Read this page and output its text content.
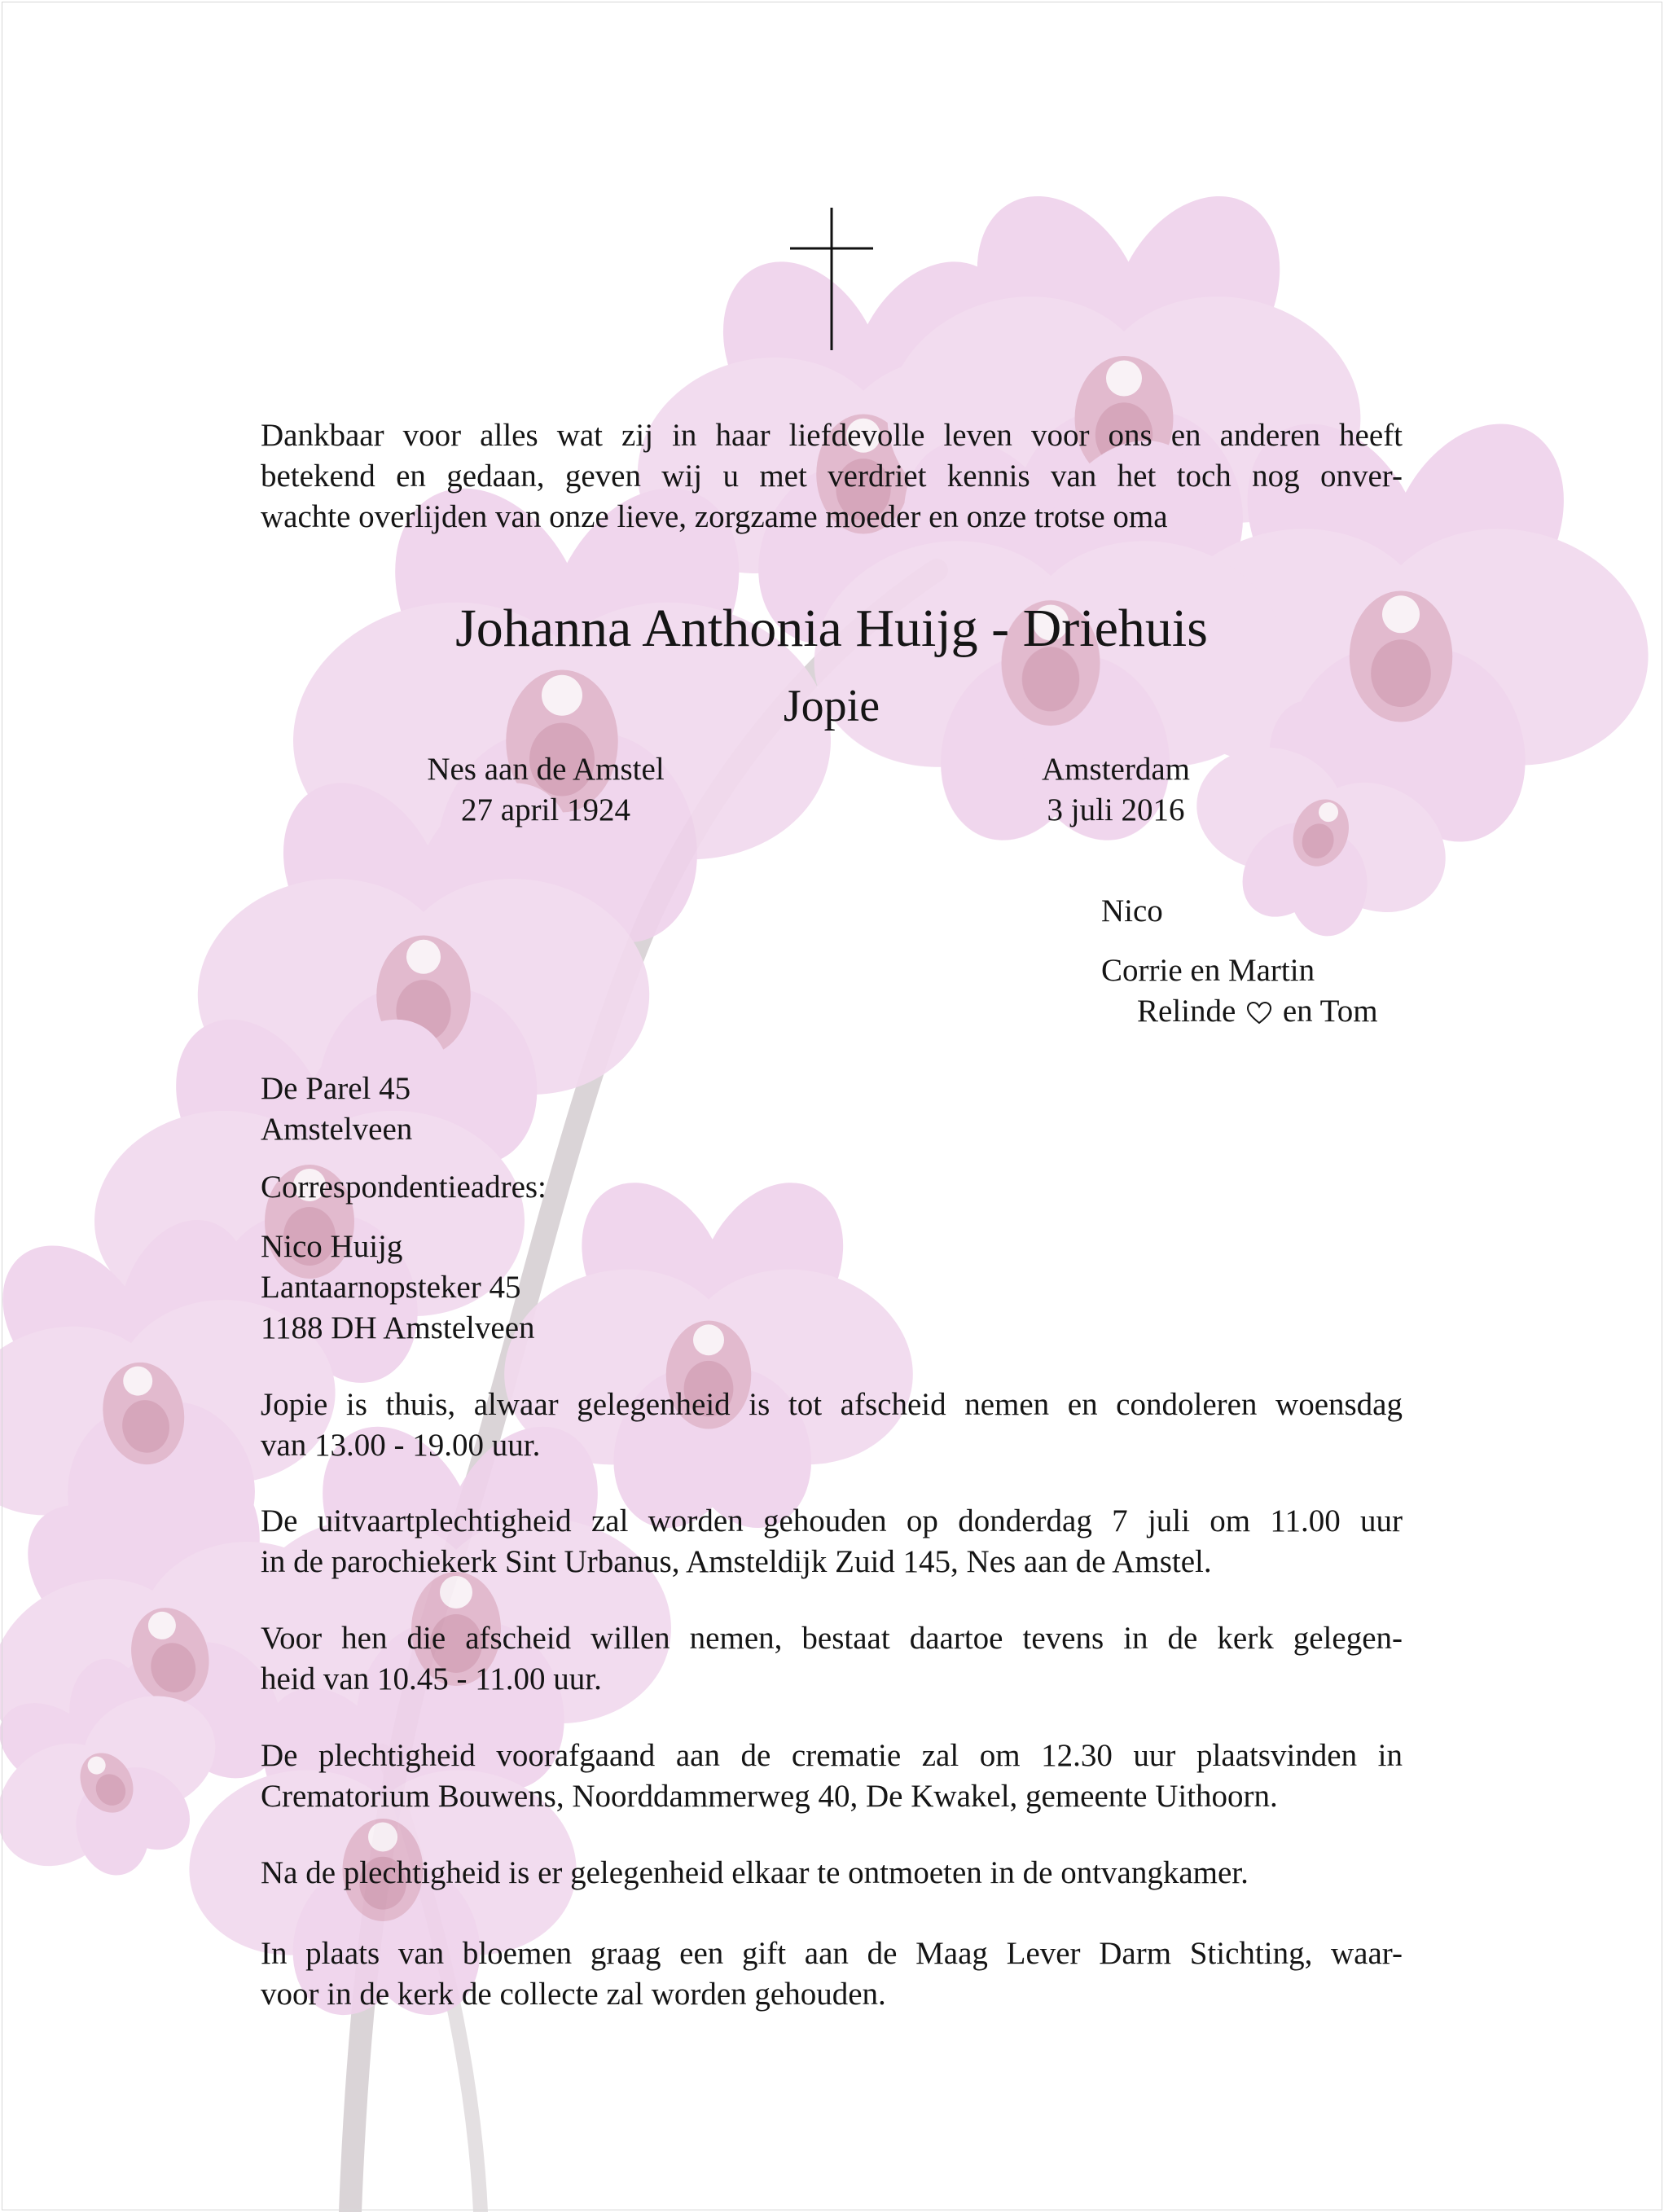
Dankbaar voor alles wat zij in haar liefdevolle leven voor ons en anderen heeft
betekend en gedaan, geven wij u met verdriet kennis van het toch nog onver-
wachte overlijden van onze lieve, zorgzame moeder en onze trotse oma
Johanna Anthonia Huijg - Driehuis
Jopie
Nes aan de Amstel
27 april 1924
Amsterdam
3 juli 2016
Nico
Corrie en Martin
Relinde en Tom
De Parel 45
Amstelveen
Correspondentieadres:
Nico Huijg
Lantaarnopsteker 45
1188 DH Amstelveen
Jopie is thuis, alwaar gelegenheid is tot afscheid nemen en condoleren woensdag
van 13.00 - 19.00 uur.
De uitvaartplechtigheid zal worden gehouden op donderdag 7 juli om 11.00 uur
in de parochiekerk Sint Urbanus, Amsteldijk Zuid 145, Nes aan de Amstel.
Voor hen die afscheid willen nemen, bestaat daartoe tevens in de kerk gelegen-
heid van 10.45 - 11.00 uur.
De plechtigheid voorafgaand aan de crematie zal om 12.30 uur plaatsvinden in
Crematorium Bouwens, Noorddammerweg 40, De Kwakel, gemeente Uithoorn.
Na de plechtigheid is er gelegenheid elkaar te ontmoeten in de ontvangkamer.
In plaats van bloemen graag een gift aan de Maag Lever Darm Stichting, waar-
voor in de kerk de collecte zal worden gehouden.
